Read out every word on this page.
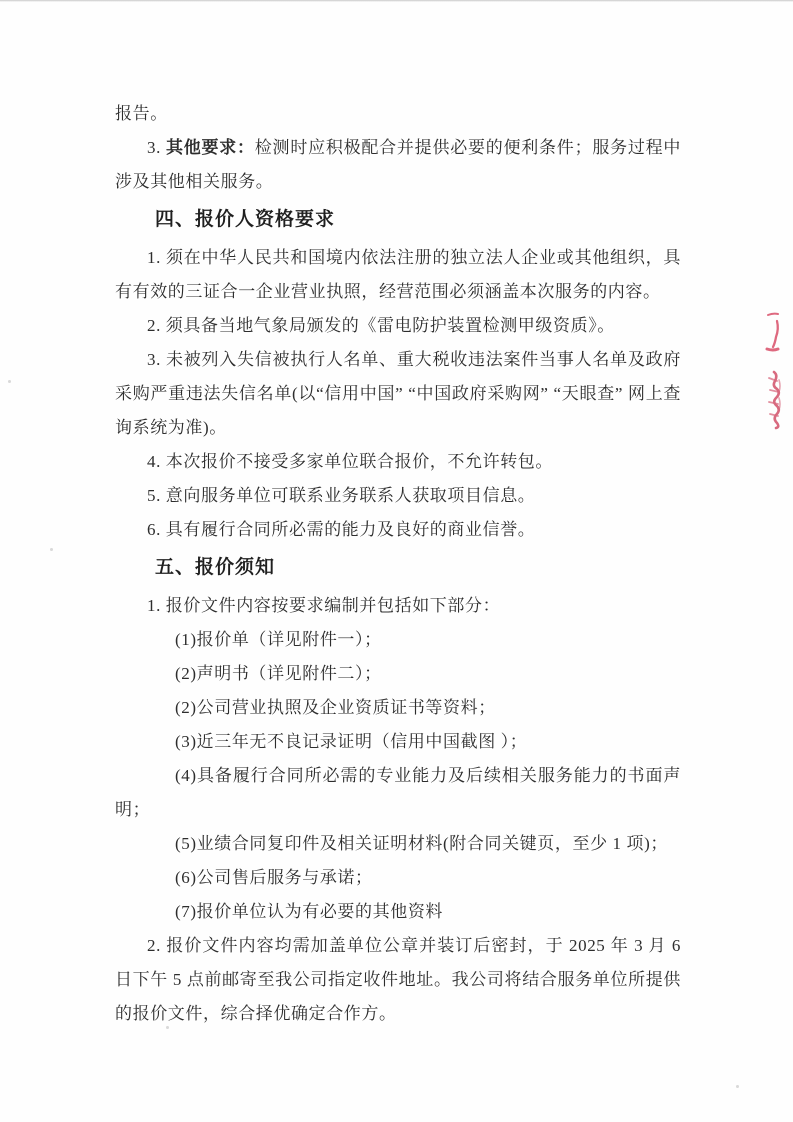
报告。

3. 其他要求：检测时应积极配合并提供必要的便利条件；服务过程中涉及其他相关服务。

四、报价人资格要求

1. 须在中华人民共和国境内依法注册的独立法人企业或其他组织，具有有效的三证合一企业营业执照，经营范围必须涵盖本次服务的内容。

2. 须具备当地气象局颁发的《雷电防护装置检测甲级资质》。

3. 未被列入失信被执行人名单、重大税收违法案件当事人名单及政府采购严重违法失信名单(以“信用中国” “中国政府采购网” “天眼查” 网上查询系统为准)。

4. 本次报价不接受多家单位联合报价，不允许转包。

5. 意向服务单位可联系业务联系人获取项目信息。

6. 具有履行合同所必需的能力及良好的商业信誉。

五、报价须知

1. 报价文件内容按要求编制并包括如下部分：

(1)报价单（详见附件一）；

(2)声明书（详见附件二）；

(2)公司营业执照及企业资质证书等资料；

(3)近三年无不良记录证明（信用中国截图 ）；

(4)具备履行合同所必需的专业能力及后续相关服务能力的书面声明；

(5)业绩合同复印件及相关证明材料(附合同关键页，至少 1 项)；

(6)公司售后服务与承诺；

(7)报价单位认为有必要的其他资料

2. 报价文件内容均需加盖单位公章并装订后密封，于 2025 年 3 月 6 日下午 5 点前邮寄至我公司指定收件地址。我公司将结合服务单位所提供的报价文件，综合择优确定合作方。
